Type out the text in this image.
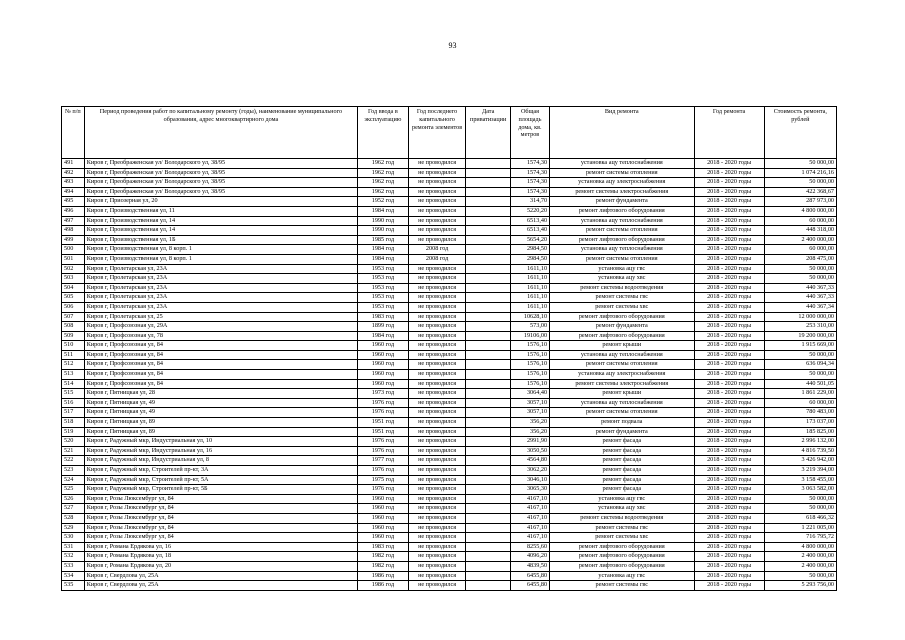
93
№ п/п	Период проведения работ по капитальному ремонту (годы), наименование муниципального образования, адрес многоквартирного дома	Год ввода в эксплуатацию	Год последнего капитального ремонта элементов	Дата приватизации	Общая площадь дома, кв. метров	Вид ремонта	Год ремонта	Стоимость ремонта, рублей

491	Киров г, Преображенская ул/ Володарского ул, 38/95	1962 год	не проводился		1574,30	установка ацу теплоснабжения	2018 - 2020 годы	50 000,00
492	Киров г, Преображенская ул/ Володарского ул, 38/95	1962 год	не проводился		1574,30	ремонт системы отопления	2018 - 2020 годы	1 074 216,16
493	Киров г, Преображенская ул/ Володарского ул, 38/95	1962 год	не проводился		1574,30	установка ацу электроснабжения	2018 - 2020 годы	50 000,00
494	Киров г, Преображенская ул/ Володарского ул, 38/95	1962 год	не проводился		1574,30	ремонт системы электроснабжения	2018 - 2020 годы	422 368,67
495	Киров г, Приозерная ул, 20	1952 год	не проводился		314,70	ремонт фундамента	2018 - 2020 годы	287 973,00
496	Киров г, Производственная ул, 11	1984 год	не проводился		5220,20	ремонт лифтового оборудования	2018 - 2020 годы	4 800 000,00
497	Киров г, Производственная ул, 14	1990 год	не проводился		6513,40	установка ацу теплоснабжения	2018 - 2020 годы	60 000,00
498	Киров г, Производственная ул, 14	1990 год	не проводился		6513,40	ремонт системы отопления	2018 - 2020 годы	448 318,00
499	Киров г, Производственная ул, 1Б	1985 год	не проводился		5654,20	ремонт лифтового оборудования	2018 - 2020 годы	2 400 000,00
500	Киров г, Производственная ул, 8 корп. 1	1984 год	2008 год		2984,50	установка ацу теплоснабжения	2018 - 2020 годы	60 000,00
501	Киров г, Производственная ул, 8 корп. 1	1984 год	2008 год		2984,50	ремонт системы отопления	2018 - 2020 годы	208 475,00
502	Киров г, Пролетарская ул, 23А	1953 год	не проводился		1611,10	установка ацу гвс	2018 - 2020 годы	50 000,00
503	Киров г, Пролетарская ул, 23А	1953 год	не проводился		1611,10	установка ацу хвс	2018 - 2020 годы	50 000,00
504	Киров г, Пролетарская ул, 23А	1953 год	не проводился		1611,10	ремонт системы водоотведения	2018 - 2020 годы	440 367,33
505	Киров г, Пролетарская ул, 23А	1953 год	не проводился		1611,10	ремонт системы гвс	2018 - 2020 годы	440 367,33
506	Киров г, Пролетарская ул, 23А	1953 год	не проводился		1611,10	ремонт системы хвс	2018 - 2020 годы	440 367,34
507	Киров г, Пролетарская ул, 25	1983 год	не проводился		10628,10	ремонт лифтового оборудования	2018 - 2020 годы	12 000 000,00
508	Киров г, Профсоюзная ул, 29А	1899 год	не проводился		573,00	ремонт фундамента	2018 - 2020 годы	253 310,00
509	Киров г, Профсоюзная ул, 78	1984 год	не проводился		19106,00	ремонт лифтового оборудования	2018 - 2020 годы	19 200 000,00
510	Киров г, Профсоюзная ул, 84	1960 год	не проводился		1576,10	ремонт крыши	2018 - 2020 годы	1 915 669,00
511	Киров г, Профсоюзная ул, 84	1960 год	не проводился		1576,10	установка ацу теплоснабжения	2018 - 2020 годы	50 000,00
512	Киров г, Профсоюзная ул, 84	1960 год	не проводился		1576,10	ремонт системы отопления	2018 - 2020 годы	636 094,34
513	Киров г, Профсоюзная ул, 84	1960 год	не проводился		1576,10	установка ацу электроснабжения	2018 - 2020 годы	50 000,00
514	Киров г, Профсоюзная ул, 84	1960 год	не проводился		1576,10	ремонт системы электроснабжения	2018 - 2020 годы	440 501,05
515	Киров г, Пятницкая ул, 28	1973 год	не проводился		3064,40	ремонт крыши	2018 - 2020 годы	1 861 229,00
516	Киров г, Пятницкая ул, 49	1976 год	не проводился		3057,10	установка ацу теплоснабжения	2018 - 2020 годы	60 000,00
517	Киров г, Пятницкая ул, 49	1976 год	не проводился		3057,10	ремонт системы отопления	2018 - 2020 годы	780 483,00
518	Киров г, Пятницкая ул, 89	1951 год	не проводился		356,20	ремонт подвала	2018 - 2020 годы	173 037,00
519	Киров г, Пятницкая ул, 89	1951 год	не проводился		356,20	ремонт фундамента	2018 - 2020 годы	185 825,00
520	Киров г, Радужный мкр, Индустриальная ул, 10	1976 год	не проводился		2991,90	ремонт фасада	2018 - 2020 годы	2 996 132,00
521	Киров г, Радужный мкр, Индустриальная ул, 16	1976 год	не проводился		3050,50	ремонт фасада	2018 - 2020 годы	4 816 739,50
522	Киров г, Радужный мкр, Индустриальная ул, 8	1977 год	не проводился		4564,80	ремонт фасада	2018 - 2020 годы	3 426 942,00
523	Киров г, Радужный мкр, Строителей пр-кт, 3А	1976 год	не проводился		3062,20	ремонт фасада	2018 - 2020 годы	3 219 394,00
524	Киров г, Радужный мкр, Строителей пр-кт, 5А	1975 год	не проводился		3046,10	ремонт фасада	2018 - 2020 годы	3 158 455,00
525	Киров г, Радужный мкр, Строителей пр-кт, 5Б	1976 год	не проводился		3065,30	ремонт фасада	2018 - 2020 годы	3 063 582,00
526	Киров г, Розы Люксембург ул, 84	1960 год	не проводился		4167,10	установка ацу гвс	2018 - 2020 годы	50 000,00
527	Киров г, Розы Люксембург ул, 84	1960 год	не проводился		4167,10	установка ацу хвс	2018 - 2020 годы	50 000,00
528	Киров г, Розы Люксембург ул, 84	1960 год	не проводился		4167,10	ремонт системы водоотведения	2018 - 2020 годы	618 466,32
529	Киров г, Розы Люксембург ул, 84	1960 год	не проводился		4167,10	ремонт системы гвс	2018 - 2020 годы	1 221 005,00
530	Киров г, Розы Люксембург ул, 84	1960 год	не проводился		4167,10	ремонт системы хвс	2018 - 2020 годы	716 795,72
531	Киров г, Романа Ердякова ул, 16	1983 год	не проводился		8255,60	ремонт лифтового оборудования	2018 - 2020 годы	4 800 000,00
532	Киров г, Романа Ердякова ул, 18	1982 год	не проводился		4096,20	ремонт лифтового оборудования	2018 - 2020 годы	2 400 000,00
533	Киров г, Романа Ердякова ул, 20	1982 год	не проводился		4839,50	ремонт лифтового оборудования	2018 - 2020 годы	2 400 000,00
534	Киров г, Свердлова ул, 25А	1986 год	не проводился		6455,80	установка ацу гвс	2018 - 2020 годы	50 000,00
535	Киров г, Свердлова ул, 25А	1986 год	не проводился		6455,80	ремонт системы гвс	2018 - 2020 годы	5 293 756,00
